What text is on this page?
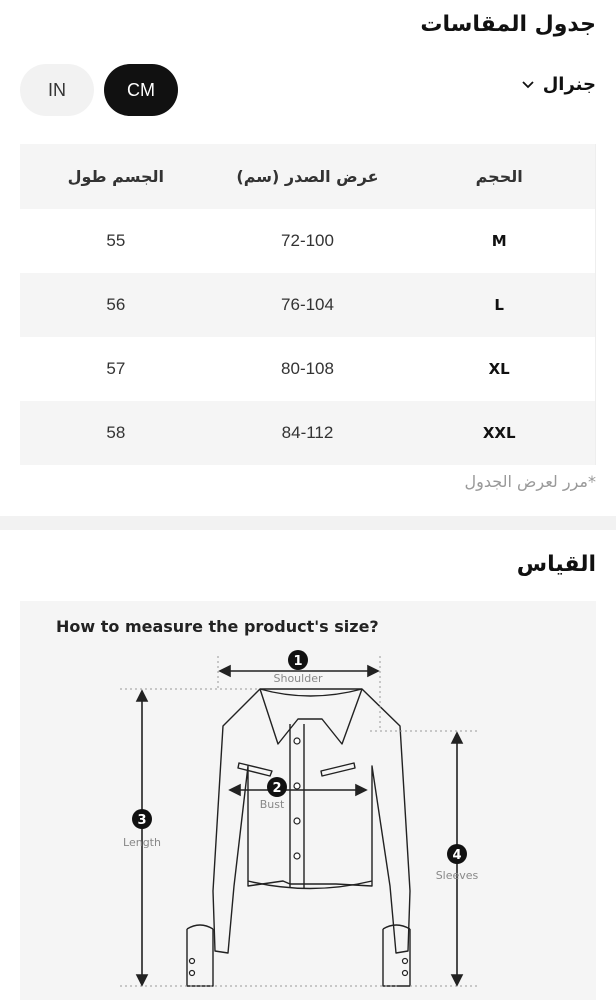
جدول المقاسات
IN	CM	جنرال
الجسم طول	عرض الصدر (سم)	الحجم
55	72-100	M
56	76-104	L
57	80-108	XL
58	84-112	XXL
*مرر لعرض الجدول
القياس
How to measure the product's size?
1
2
3
4
Shoulder
Bust
Length
Sleeves
